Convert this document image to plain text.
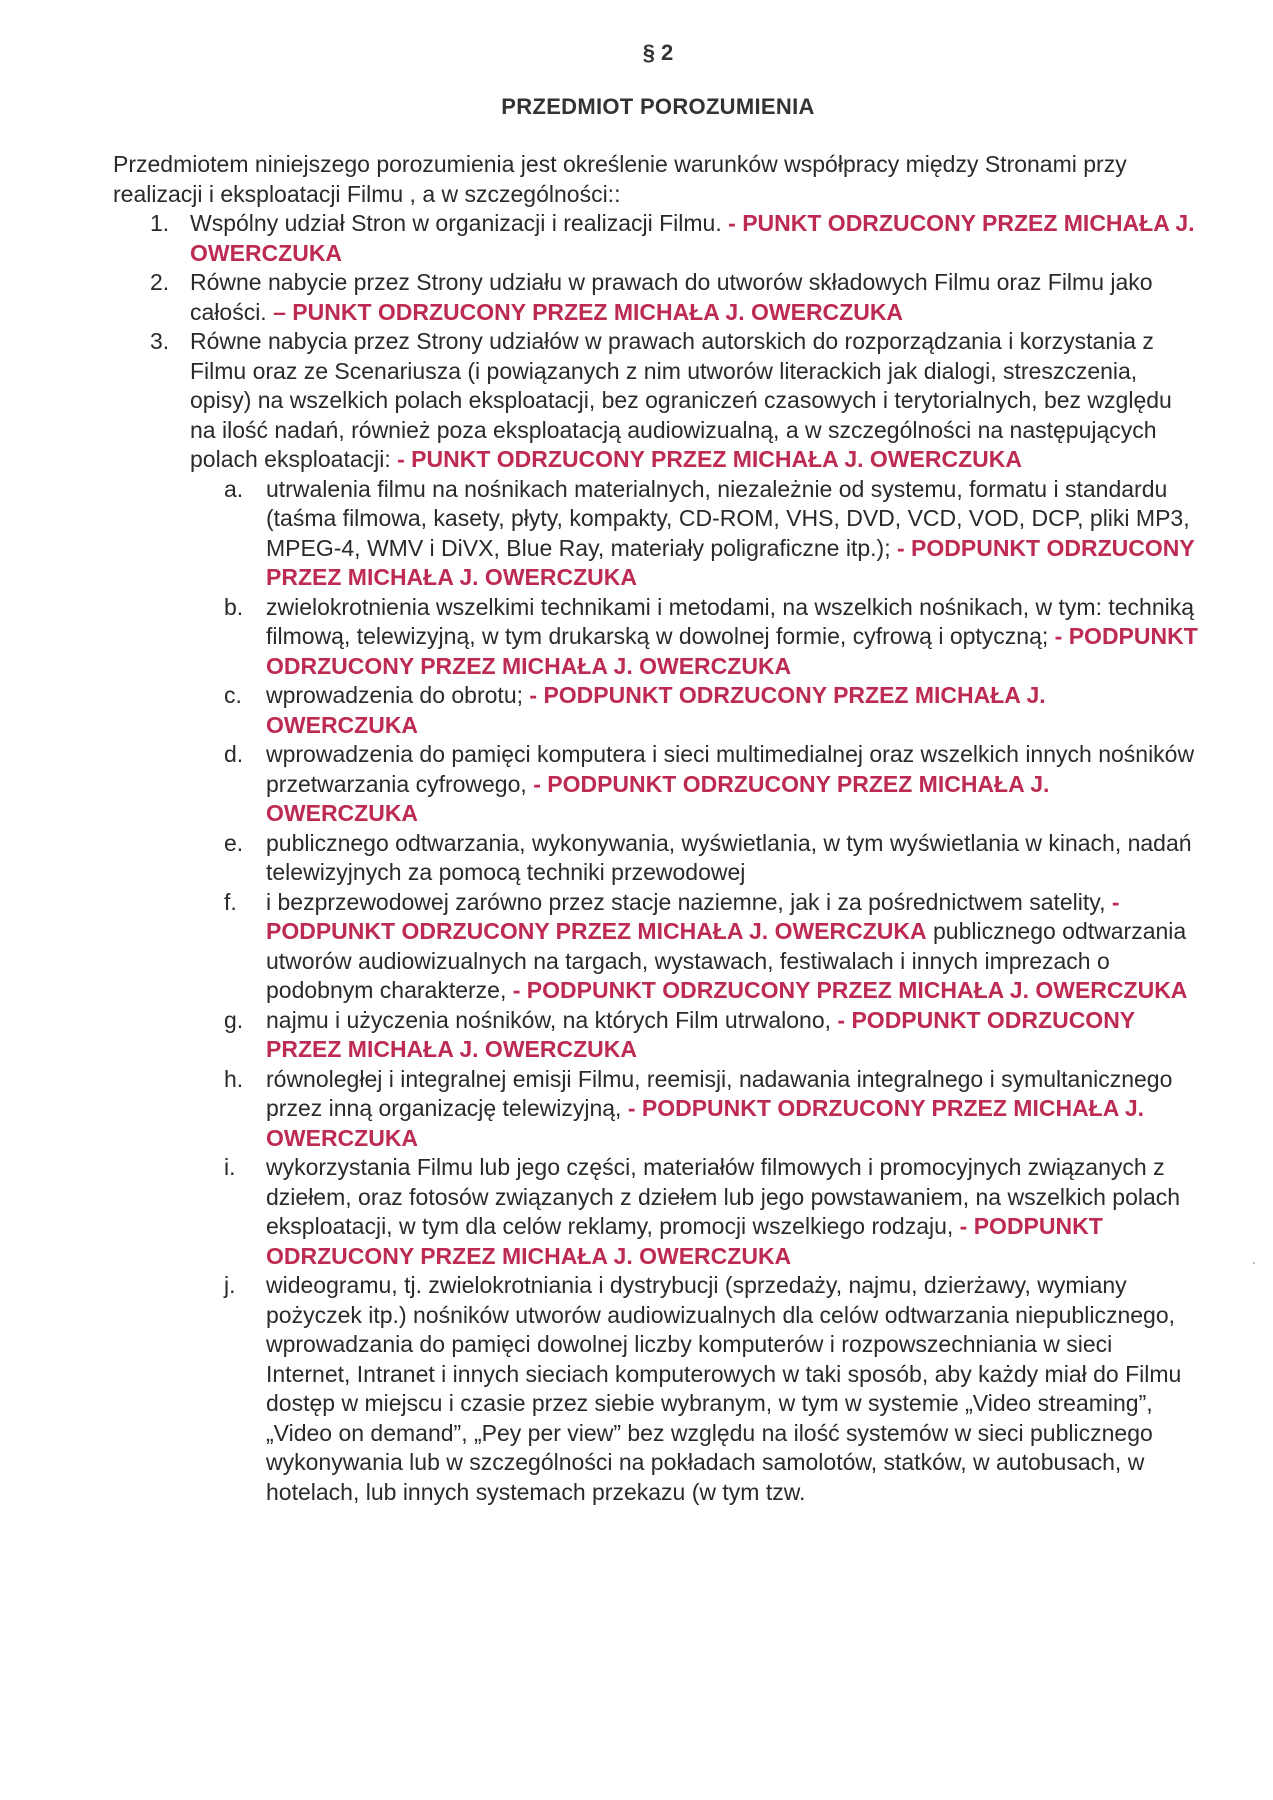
§ 2
PRZEDMIOT POROZUMIENIA

Przedmiotem niniejszego porozumienia jest określenie warunków współpracy między Stronami przy realizacji i eksploatacji Filmu , a w szczególności::

1. Wspólny udział Stron w organizacji i realizacji Filmu. - PUNKT ODRZUCONY PRZEZ MICHAŁA J. OWERCZUKA
2. Równe nabycie przez Strony udziału w prawach do utworów składowych Filmu oraz Filmu jako całości. – PUNKT ODRZUCONY PRZEZ MICHAŁA J. OWERCZUKA
3. Równe nabycia przez Strony udziałów w prawach autorskich do rozporządzania i korzystania z Filmu oraz ze Scenariusza (i powiązanych z nim utworów literackich jak dialogi, streszczenia, opisy) na wszelkich polach eksploatacji, bez ograniczeń czasowych i terytorialnych, bez względu na ilość nadań, również poza eksploatacją audiowizualną, a w szczególności na następujących polach eksploatacji: - PUNKT ODRZUCONY PRZEZ MICHAŁA J. OWERCZUKA
a. utrwalenia filmu na nośnikach materialnych, niezależnie od systemu, formatu i standardu (taśma filmowa, kasety, płyty, kompakty, CD-ROM, VHS, DVD, VCD, VOD, DCP, pliki MP3, MPEG-4, WMV i DiVX, Blue Ray, materiały poligraficzne itp.); - PODPUNKT ODRZUCONY PRZEZ MICHAŁA J. OWERCZUKA
b. zwielokrotnienia wszelkimi technikami i metodami, na wszelkich nośnikach, w tym: techniką filmową, telewizyjną, w tym drukarską w dowolnej formie, cyfrową i optyczną; - PODPUNKT ODRZUCONY PRZEZ MICHAŁA J. OWERCZUKA
c. wprowadzenia do obrotu; - PODPUNKT ODRZUCONY PRZEZ MICHAŁA J. OWERCZUKA
d. wprowadzenia do pamięci komputera i sieci multimedialnej oraz wszelkich innych nośników przetwarzania cyfrowego, - PODPUNKT ODRZUCONY PRZEZ MICHAŁA J. OWERCZUKA
e. publicznego odtwarzania, wykonywania, wyświetlania, w tym wyświetlania w kinach, nadań telewizyjnych za pomocą techniki przewodowej
f. i bezprzewodowej zarówno przez stacje naziemne, jak i za pośrednictwem satelity, - PODPUNKT ODRZUCONY PRZEZ MICHAŁA J. OWERCZUKA publicznego odtwarzania utworów audiowizualnych na targach, wystawach, festiwalach i innych imprezach o podobnym charakterze, - PODPUNKT ODRZUCONY PRZEZ MICHAŁA J. OWERCZUKA
g. najmu i użyczenia nośników, na których Film utrwalono, - PODPUNKT ODRZUCONY PRZEZ MICHAŁA J. OWERCZUKA
h. równoległej i integralnej emisji Filmu, reemisji, nadawania integralnego i symultanicznego przez inną organizację telewizyjną, - PODPUNKT ODRZUCONY PRZEZ MICHAŁA J. OWERCZUKA
i. wykorzystania Filmu lub jego części, materiałów filmowych i promocyjnych związanych z dziełem, oraz fotosów związanych z dziełem lub jego powstawaniem, na wszelkich polach eksploatacji, w tym dla celów reklamy, promocji wszelkiego rodzaju, - PODPUNKT ODRZUCONY PRZEZ MICHAŁA J. OWERCZUKA
j. wideogramu, tj. zwielokrotniania i dystrybucji (sprzedaży, najmu, dzierżawy, wymiany pożyczek itp.) nośników utworów audiowizualnych dla celów odtwarzania niepublicznego, wprowadzania do pamięci dowolnej liczby komputerów i rozpowszechniania w sieci Internet, Intranet i innych sieciach komputerowych w taki sposób, aby każdy miał do Filmu dostęp w miejscu i czasie przez siebie wybranym, w tym w systemie „Video streaming”, „Video on demand”, „Pey per view” bez względu na ilość systemów w sieci publicznego wykonywania lub w szczególności na pokładach samolotów, statków, w autobusach, w hotelach, lub innych systemach przekazu (w tym tzw.
